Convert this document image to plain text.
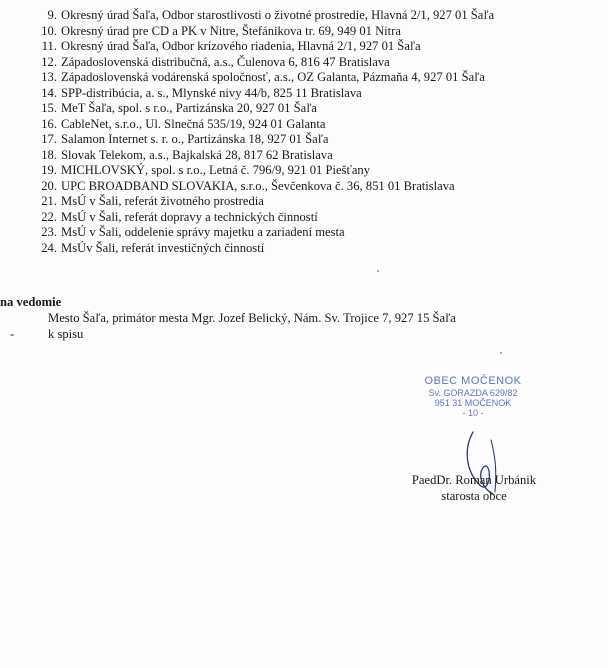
9. Okresný úrad Šaľa, Odbor starostlivosti o životné prostredie, Hlavná 2/1, 927 01 Šaľa
10. Okresný úrad pre CD a PK v Nitre, Štefánikova tr. 69, 949 01 Nitra
11. Okresný úrad Šaľa, Odbor krízového riadenia, Hlavná 2/1, 927 01 Šaľa
12. Západoslovenská distribučná, a.s., Čulenova 6, 816 47 Bratislava
13. Západoslovenská vodárenská spoločnosť, a.s., OZ Galanta, Pázmaňa 4, 927 01 Šaľa
14. SPP-distribúcia, a. s., Mlynské nivy 44/b, 825 11 Bratislava
15. MeT Šaľa, spol. s r.o., Partizánska 20, 927 01 Šaľa
16. CableNet, s.r.o., Ul. Slnečná 535/19, 924 01 Galanta
17. Salamon Internet s. r. o., Partizánska 18, 927 01 Šaľa
18. Slovak Telekom, a.s., Bajkalská 28, 817 62 Bratislava
19. MICHLOVSKÝ, spol. s r.o., Letná č. 796/9, 921 01 Piešťany
20. UPC BROADBAND SLOVAKIA, s.r.o., Ševčenkova č. 36, 851 01 Bratislava
21. MsÚ v Šali, referát životného prostredia
22. MsÚ v Šali, referát dopravy a technických činností
23. MsÚ v Šali, oddelenie správy majetku a zariadení mesta
24. MsÚv Šali, referát investičných činností

na vedomie

Mesto Šaľa, primátor mesta Mgr. Jozef Belický, Nám. Sv. Trojice 7, 927 15 Šaľa

-	k spisu

OBEC MOČENOK
Sv. GORAZDA 629/82
951 31 MOČENOK
- 10 -
PaedDr. Roman Urbánik
starosta obce
